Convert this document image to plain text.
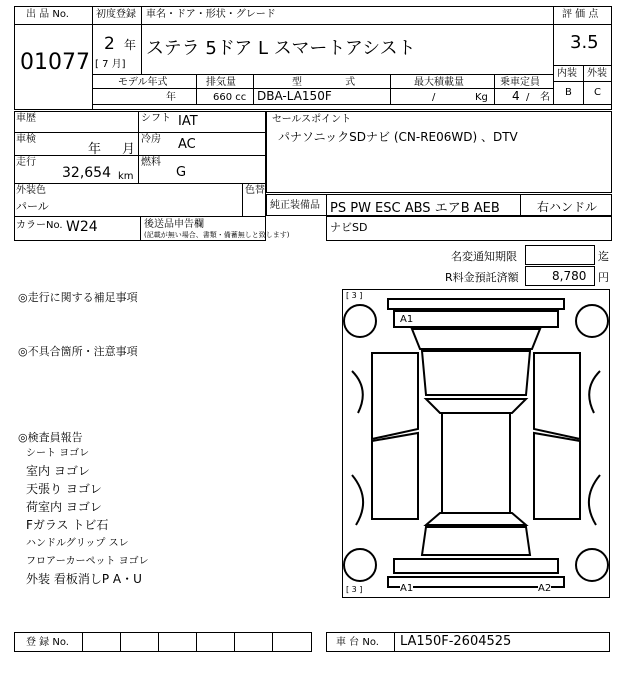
出 品 No.
01077
初度登録
2 年
[ 7 月]
車名・ドア・形状・グレード
ステラ 5ドア L スマートアシスト
評 価 点
3.5
内装 外装
B C
モデル年式	排気量	型 式	最大積載量	乗車定員
年	660 cc DBA-LA150F	/	Kg 4 / 名
車歴	シフト IAT
車検
年 月
冷房 AC
走行
32,654 km
燃料
G
外装色
パール
色替
カラーNo. W24	後送品申告欄
(記載が無い場合、書類・備蓄無しと致します)
セールスポイント
パナソニックSDナビ (CN-RE06WD) 、DTV
純正装備品 PS PW ESC ABS エアB AEB	右ハンドル
ナビSD
名変通知期限	迄
R料金預託済額	8,780 円
◎走行に関する補足事項
◎不具合箇所・注意事項
◎検査員報告
シート ヨゴレ
室内 ヨゴレ
天張り ヨゴレ
荷室内 ヨゴレ
Fガラス トビ石
ハンドルグリップ スレ
フロアーカーペット ヨゴレ
外装 看板消しP A・U
[ 3 ]
[ 3 ]
A1
A1	A2
登 録 No.	車 台 No. LA150F-2604525
